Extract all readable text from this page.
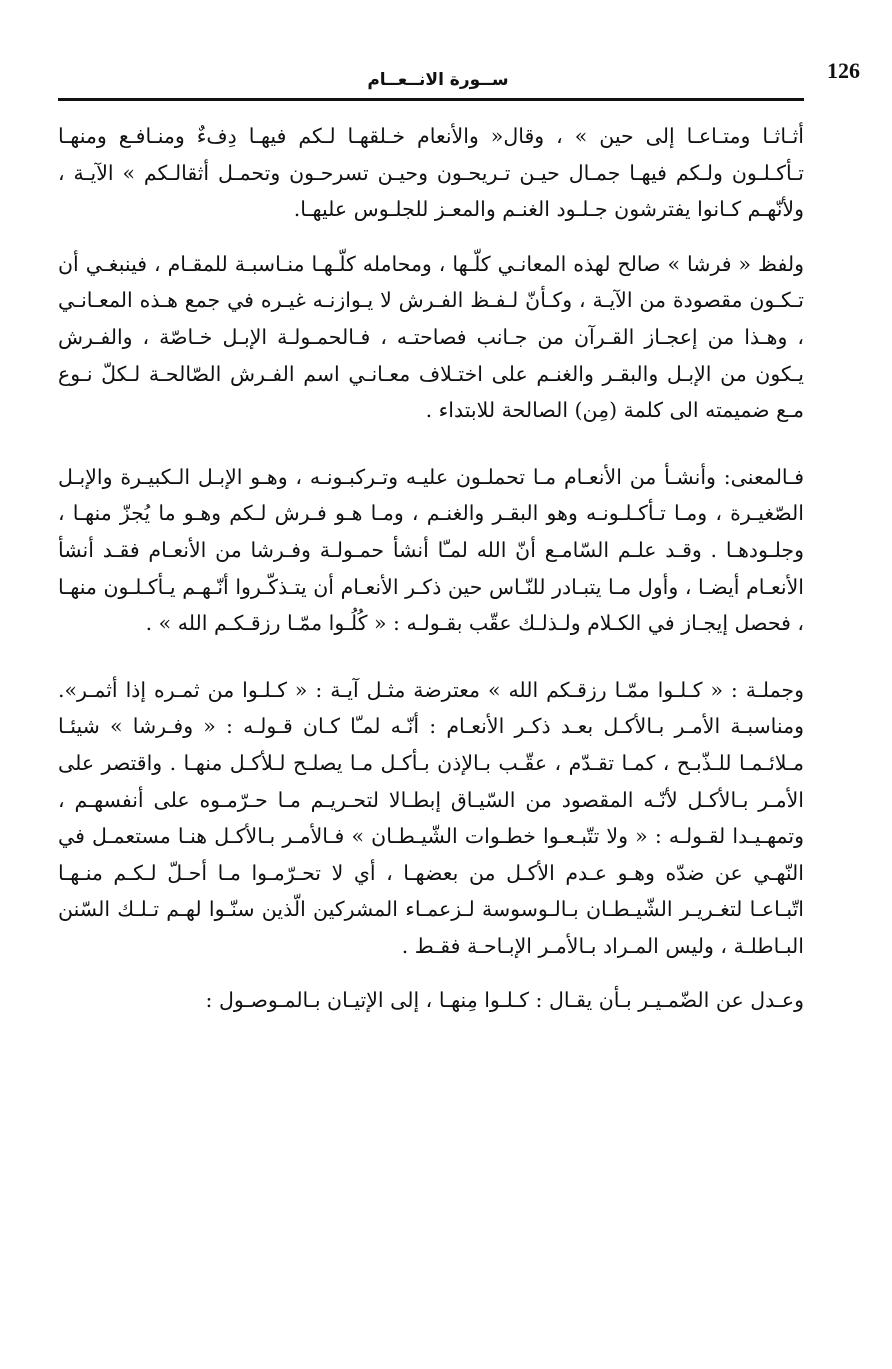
126
ســورة الانــعــام

أثـاثـا ومتـاعـا إلى حين » ، وقال« والأنعام خـلقهـا لـكم فيهـا دِفءٌ ومنـافـع ومنهـا تـأكـلـون ولـكم فيهـا جمـال حيـن تـريحـون وحيـن تسرحـون وتحمـل أثقالـكم » الآيـة ، ولأنّهـم كـانوا يفترشون جـلـود الغنـم والمعـز للجلـوس عليهـا.

ولفظ « فرشا » صالح لهذه المعانـي كلّـها ، ومحامله كلّـهـا منـاسبـة للمقـام ، فينبغـي أن تـكـون مقصودة من الآيـة ، وكـأنّ لـفـظ الفـرش لا يـوازنـه غيـره في جمع هـذه المعـانـي ، وهـذا من إعجـاز القـرآن من جـانب فصاحتـه ، فـالحمـولـة الإبـل خـاصّة ، والفـرش يـكون من الإبـل والبقـر والغنـم على اختـلاف معـانـي اسم الفـرش الصّالحـة لـكلّ نـوع مـع ضميمته الى كلمة (مِن) الصالحة للابتداء .

فـالمعنى: وأنشـأ من الأنعـام مـا تحملـون عليـه وتـركبـونـه ، وهـو الإبـل الـكبيـرة والإبـل الصّغيـرة ، ومـا تـأكـلـونـه وهو البقـر والغنـم ، ومـا هـو فـرش لـكم وهـو ما يُجزّ منهـا ، وجلـودهـا . وقـد علـم السّامـع أنّ الله لمـّا أنشأ حمـولـة وفـرشا من الأنعـام فقـد أنشأ الأنعـام أيضـا ، وأول مـا يتبـادر للنّـاس حين ذكـر الأنعـام أن يتـذكّـروا أنّـهـم يـأكـلـون منهـا ، فحصل إيجـاز في الكـلام ولـذلـك عقّب بقـولـه : « كُلُـوا ممّـا رزقـكـم الله » .

وجملـة : « كـلـوا ممّـا رزقـكم الله » معترضة مثـل آيـة : « كـلـوا من ثمـره إذا أثمـر». ومناسبـة الأمـر بـالأكـل بعـد ذكـر الأنعـام : أنّـه لمـّا كـان قـولـه : « وفـرشا » شيئـا مـلائـمـا للـذّبـح ، كمـا تقـدّم ، عقّـب بـالإذن بـأكـل مـا يصلـح لـلأكـل منهـا . واقتصر على الأمـر بـالأكـل لأنّـه المقصود من السّيـاق إبطـالا لتحـريـم مـا حـرّمـوه على أنفسهـم ، وتمهـيـدا لقـولـه : « ولا تتّبـعـوا خطـوات الشّيـطـان » فـالأمـر بـالأكـل هنـا مستعمـل في النّهـي عن ضدّه وهـو عـدم الأكـل من بعضهـا ، أي لا تحـرّمـوا مـا أحـلّ لـكـم منـهـا اتّبـاعـا لتغـريـر الشّيـطـان بـالـوسوسة لـزعمـاء المشركين الّذين سنّـوا لهـم تـلـك السّنن البـاطلـة ، وليس المـراد بـالأمـر الإبـاحـة فقـط .

وعـدل عن الضّمـيـر بـأن يقـال : كـلـوا مِنهـا ، إلى الإتيـان بـالمـوصـول :
